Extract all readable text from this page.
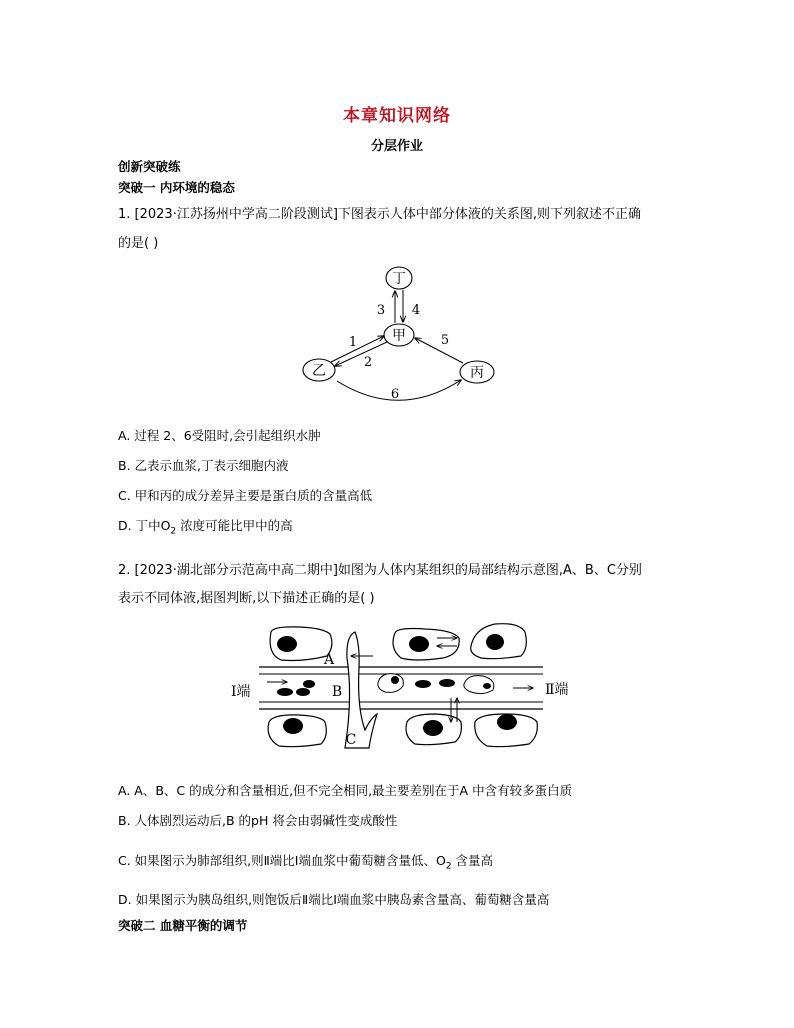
本章知识网络
分层作业
创新突破练
突破一 内环境的稳态
1. [2023·江苏扬州中学高二阶段测试]下图表示人体中部分体液的关系图,则下列叙述不正确
的是( )
丁
甲
乙	丙
3 4
1
2
5
6
A. 过程 2、6受阻时,会引起组织水肿
B. 乙表示血浆,丁表示细胞内液
C. 甲和丙的成分差异主要是蛋白质的含量高低
D. 丁中$O_2$ 浓度可能比甲中的高
2. [2023·湖北部分示范高中高二期中]如图为人体内某组织的局部结构示意图,A、B、C分别
表示不同体液,据图判断,以下描述正确的是( )
A
B
C
Ⅰ端	Ⅱ端
A. A、B、C 的成分和含量相近,但不完全相同,最主要差别在于A 中含有较多蛋白质
B. 人体剧烈运动后,B 的pH 将会由弱碱性变成酸性
C. 如果图示为肺部组织,则Ⅱ端比Ⅰ端血浆中葡萄糖含量低、$O_2$ 含量高
D. 如果图示为胰岛组织,则饱饭后Ⅱ端比Ⅰ端血浆中胰岛素含量高、葡萄糖含量高
突破二 血糖平衡的调节
